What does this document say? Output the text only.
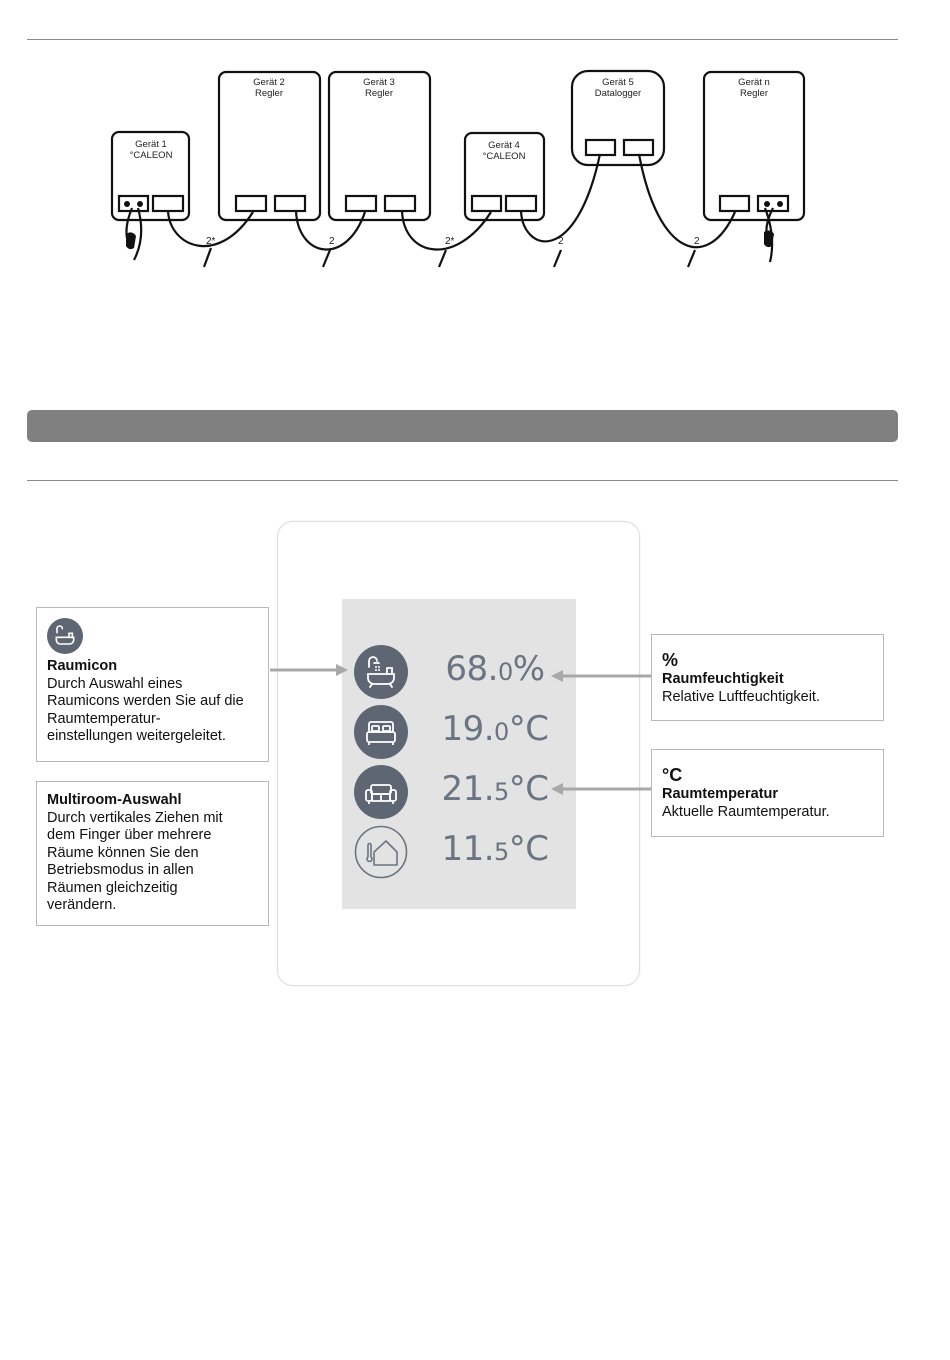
Gerät 1
°CALEON
Gerät 2
Regler
Gerät 3
Regler
Gerät 4
°CALEON
Gerät 5
Datalogger
Gerät n
Regler
2*	2	2*	2	2
68.0%
19.0°C
21.5°C
11.5°C
Raumicon
Durch Auswahl eines
Raumicons werden Sie auf die
Raumtemperatur-
einstellungen weitergeleitet.
Multiroom-Auswahl
Durch vertikales Ziehen mit
dem Finger über mehrere
Räume können Sie den
Betriebsmodus in allen
Räumen gleichzeitig
verändern.
%
Raumfeuchtigkeit
Relative Luftfeuchtigkeit.
°C
Raumtemperatur
Aktuelle Raumtemperatur.
